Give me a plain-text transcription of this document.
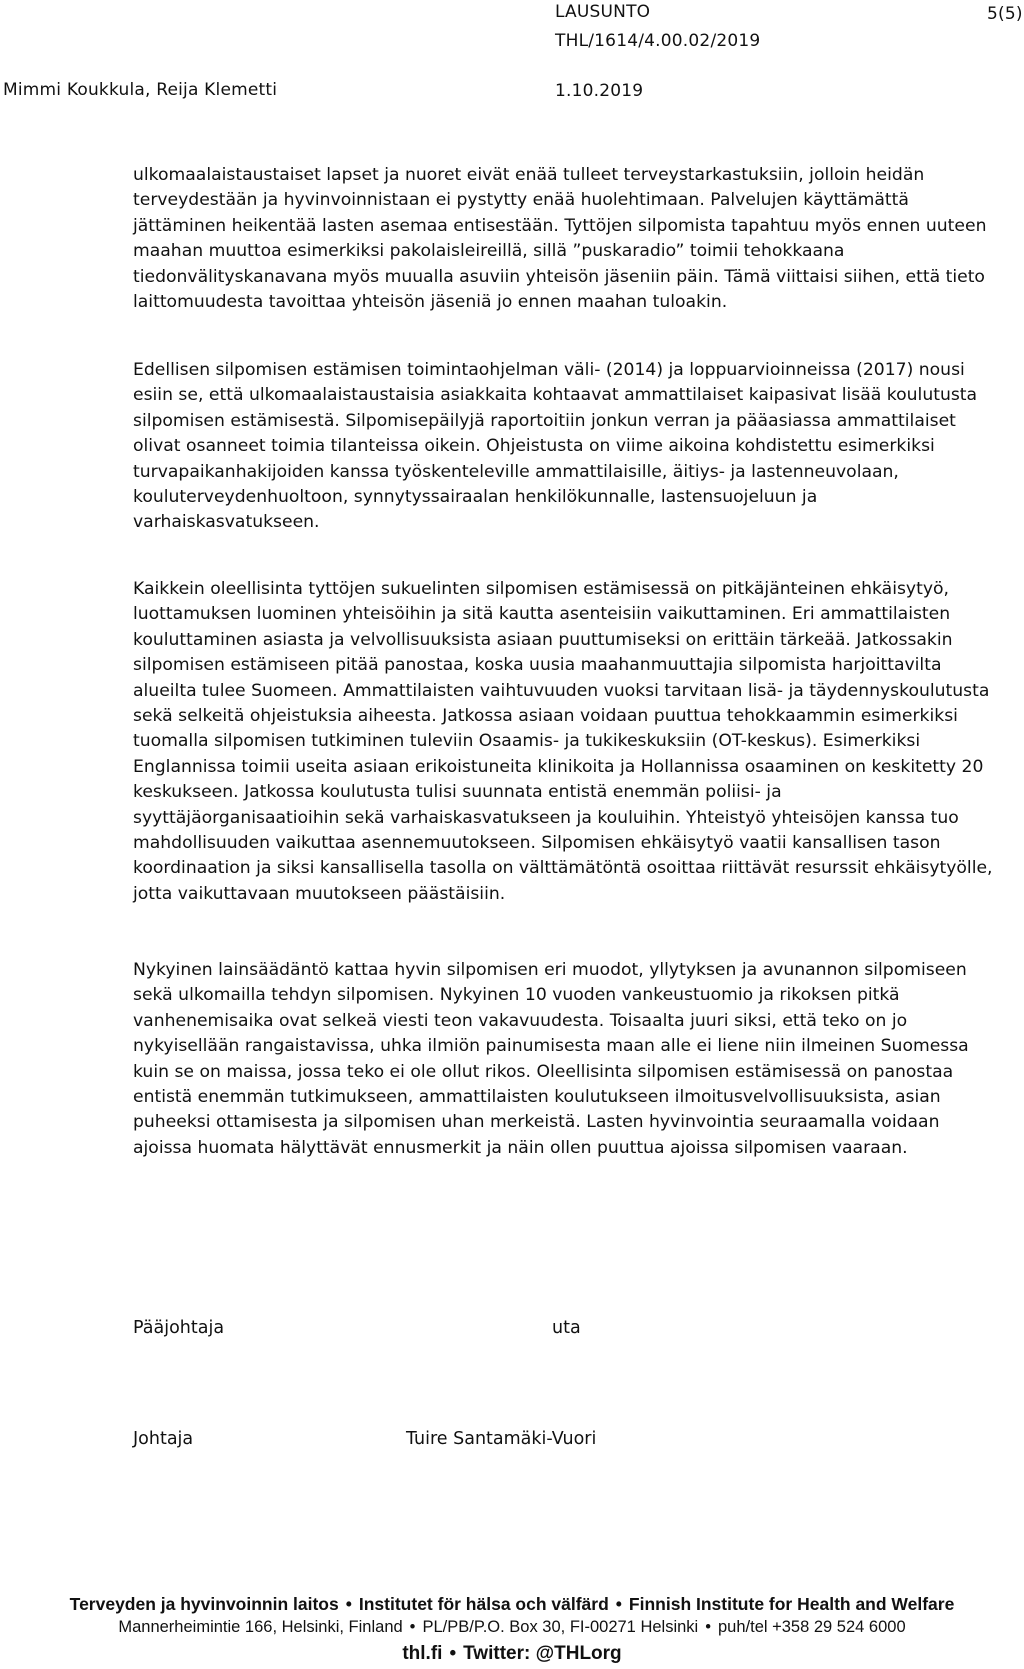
LAUSUNTO	5(5)
THL/1614/4.00.02/2019
Mimmi Koukkula, Reija Klemetti	1.10.2019
ulkomaalaistaustaiset lapset ja nuoret eivät enää tulleet terveystarkastuksiin, jolloin heidän
terveydestään ja hyvinvoinnistaan ei pystytty enää huolehtimaan. Palvelujen käyttämättä
jättäminen heikentää lasten asemaa entisestään. Tyttöjen silpomista tapahtuu myös ennen uuteen
maahan muuttoa esimerkiksi pakolaisleireillä, sillä ”puskaradio” toimii tehokkaana
tiedonvälityskanavana myös muualla asuviin yhteisön jäseniin päin. Tämä viittaisi siihen, että tieto
laittomuudesta tavoittaa yhteisön jäseniä jo ennen maahan tuloakin.
Edellisen silpomisen estämisen toimintaohjelman väli- (2014) ja loppuarvioinneissa (2017) nousi
esiin se, että ulkomaalaistaustaisia asiakkaita kohtaavat ammattilaiset kaipasivat lisää koulutusta
silpomisen estämisestä. Silpomisepäilyjä raportoitiin jonkun verran ja pääasiassa ammattilaiset
olivat osanneet toimia tilanteissa oikein. Ohjeistusta on viime aikoina kohdistettu esimerkiksi
turvapaikanhakijoiden kanssa työskenteleville ammattilaisille, äitiys- ja lastenneuvolaan,
kouluterveydenhuoltoon, synnytyssairaalan henkilökunnalle, lastensuojeluun ja
varhaiskasvatukseen.
Kaikkein oleellisinta tyttöjen sukuelinten silpomisen estämisessä on pitkäjänteinen ehkäisytyö,
luottamuksen luominen yhteisöihin ja sitä kautta asenteisiin vaikuttaminen. Eri ammattilaisten
kouluttaminen asiasta ja velvollisuuksista asiaan puuttumiseksi on erittäin tärkeää. Jatkossakin
silpomisen estämiseen pitää panostaa, koska uusia maahanmuuttajia silpomista harjoittavilta
alueilta tulee Suomeen. Ammattilaisten vaihtuvuuden vuoksi tarvitaan lisä- ja täydennyskoulutusta
sekä selkeitä ohjeistuksia aiheesta. Jatkossa asiaan voidaan puuttua tehokkaammin esimerkiksi
tuomalla silpomisen tutkiminen tuleviin Osaamis- ja tukikeskuksiin (OT-keskus). Esimerkiksi
Englannissa toimii useita asiaan erikoistuneita klinikoita ja Hollannissa osaaminen on keskitetty 20
keskukseen. Jatkossa koulutusta tulisi suunnata entistä enemmän poliisi- ja
syyttäjäorganisaatioihin sekä varhaiskasvatukseen ja kouluihin. Yhteistyö yhteisöjen kanssa tuo
mahdollisuuden vaikuttaa asennemuutokseen. Silpomisen ehkäisytyö vaatii kansallisen tason
koordinaation ja siksi kansallisella tasolla on välttämätöntä osoittaa riittävät resurssit ehkäisytyölle,
jotta vaikuttavaan muutokseen päästäisiin.
Nykyinen lainsäädäntö kattaa hyvin silpomisen eri muodot, yllytyksen ja avunannon silpomiseen
sekä ulkomailla tehdyn silpomisen. Nykyinen 10 vuoden vankeustuomio ja rikoksen pitkä
vanhenemisaika ovat selkeä viesti teon vakavuudesta. Toisaalta juuri siksi, että teko on jo
nykyisellään rangaistavissa, uhka ilmiön painumisesta maan alle ei liene niin ilmeinen Suomessa
kuin se on maissa, jossa teko ei ole ollut rikos. Oleellisinta silpomisen estämisessä on panostaa
entistä enemmän tutkimukseen, ammattilaisten koulutukseen ilmoitusvelvollisuuksista, asian
puheeksi ottamisesta ja silpomisen uhan merkeistä. Lasten hyvinvointia seuraamalla voidaan
ajoissa huomata hälyttävät ennusmerkit ja näin ollen puuttua ajoissa silpomisen vaaraan.
Pääjohtaja	uta
Johtaja	Tuire Santamäki-Vuori
Terveyden ja hyvinvoinnin laitos • Institutet för hälsa och välfärd • Finnish Institute for Health and Welfare
Mannerheimintie 166, Helsinki, Finland • PL/PB/P.O. Box 30, FI-00271 Helsinki • puh/tel +358 29 524 6000
thl.fi • Twitter: @THLorg
